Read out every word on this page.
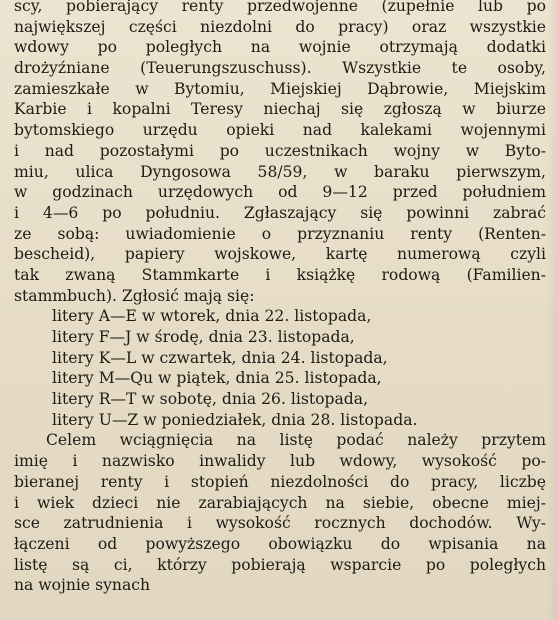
scy, pobierający renty przedwojenne (zupełnie lub po
największej części niezdolni do pracy) oraz wszystkie
wdowy po poległych na wojnie otrzymają dodatki
drożyźniane (Teuerungszuschuss). Wszystkie te osoby,
zamieszkałe w Bytomiu, Miejskiej Dąbrowie, Miejskim
Karbie i kopalni Teresy niechaj się zgłoszą w biurze
bytomskiego urzędu opieki nad kalekami wojennymi
i nad pozostałymi po uczestnikach wojny w Byto-
miu, ulica Dyngosowa 58/59, w baraku pierwszym,
w godzinach urzędowych od 9—12 przed południem
i 4—6 po południu. Zgłaszający się powinni zabrać
ze sobą: uwiadomienie o przyznaniu renty (Renten-
bescheid), papiery wojskowe, kartę numerową czyli
tak zwaną Stammkarte i książkę rodową (Familien-
stammbuch). Zgłosić mają się:
litery A—E w wtorek, dnia 22. listopada,
litery F—J w środę, dnia 23. listopada,
litery K—L w czwartek, dnia 24. listopada,
litery M—Qu w piątek, dnia 25. listopada,
litery R—T w sobotę, dnia 26. listopada,
litery U—Z w poniedziałek, dnia 28. listopada.
Celem wciągnięcia na listę podać należy przytem
imię i nazwisko inwalidy lub wdowy, wysokość po-
bieranej renty i stopień niezdolności do pracy, liczbę
i wiek dzieci nie zarabiających na siebie, obecne miej-
sce zatrudnienia i wysokość rocznych dochodów. Wy-
łączeni od powyższego obowiązku do wpisania na
listę są ci, którzy pobierają wsparcie po poległych
na wojnie synach
